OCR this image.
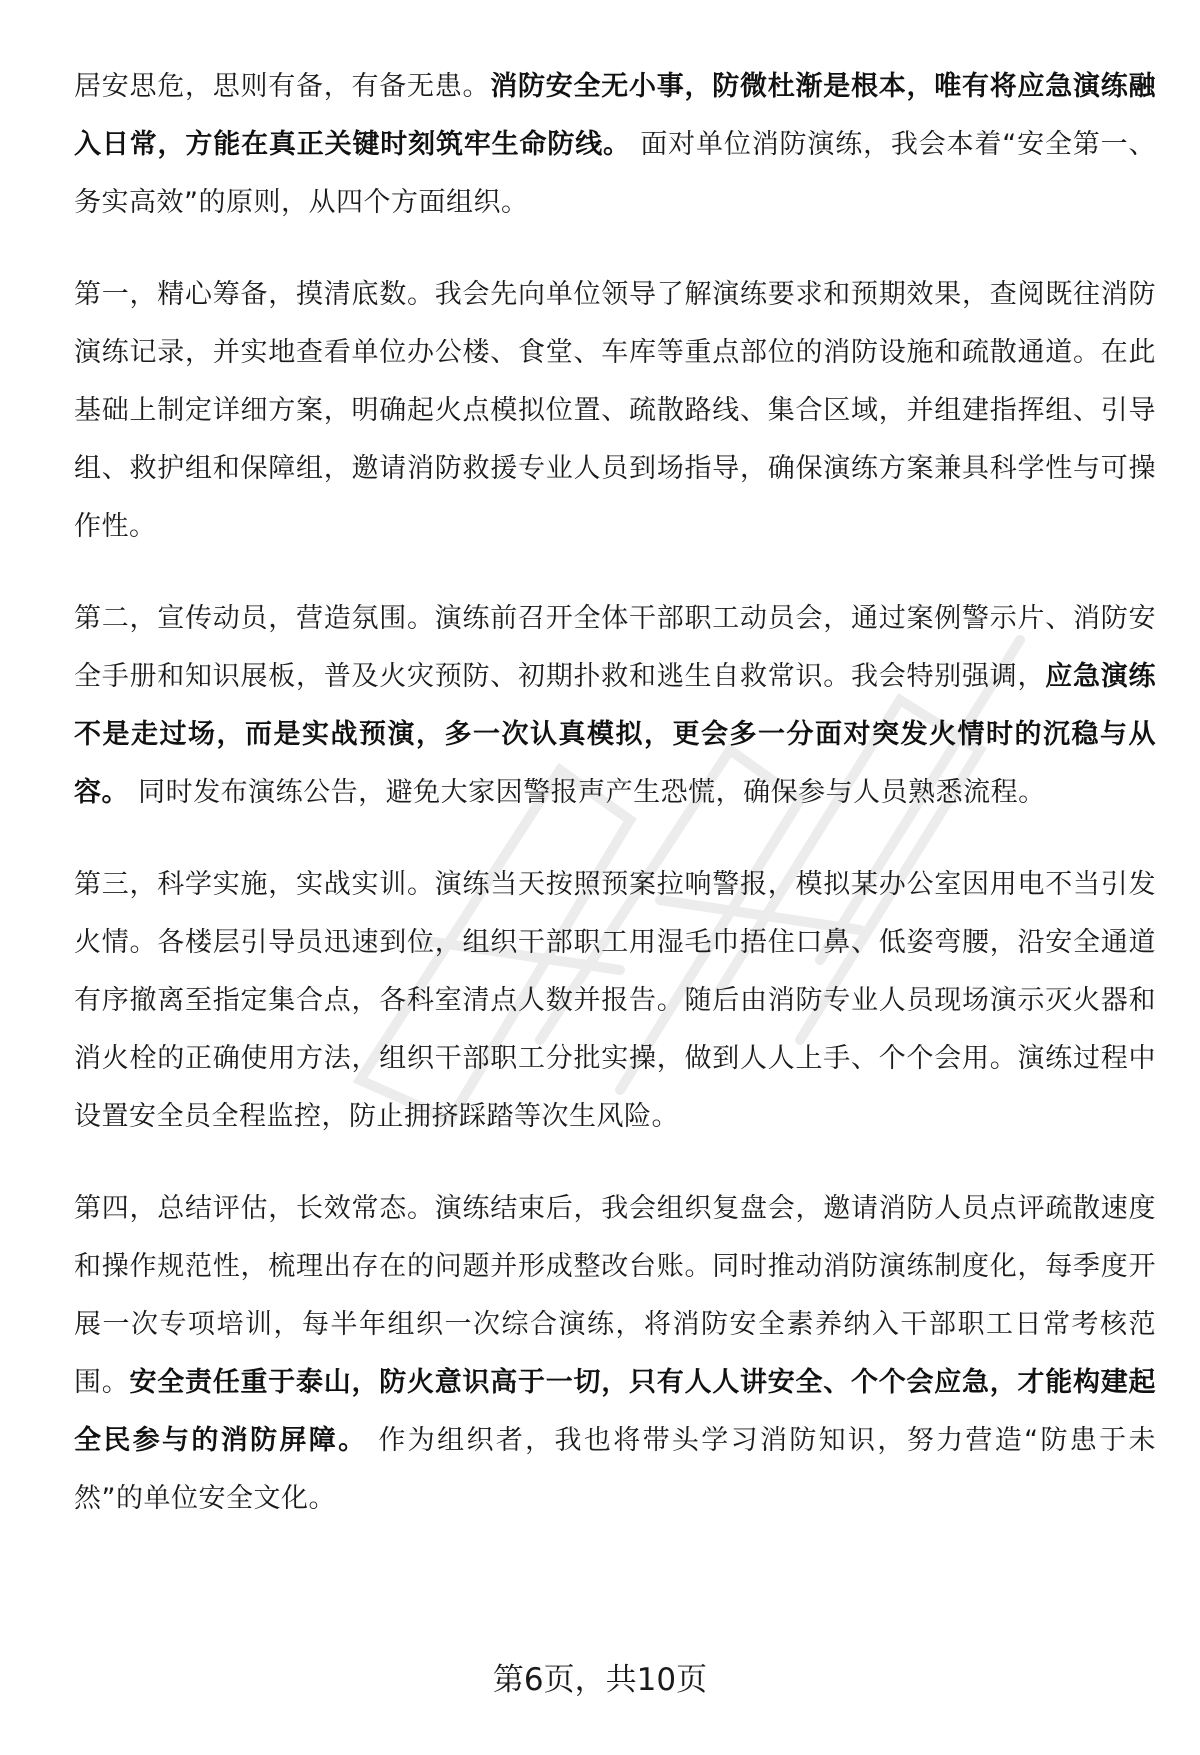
居安思危，思则有备，有备无患。消防安全无小事，防微杜渐是根本，唯有将应急演练融入日常，方能在真正关键时刻筑牢生命防线。 面对单位消防演练，我会本着“安全第一、务实高效”的原则，从四个方面组织。

第一，精心筹备，摸清底数。我会先向单位领导了解演练要求和预期效果，查阅既往消防演练记录，并实地查看单位办公楼、食堂、车库等重点部位的消防设施和疏散通道。在此基础上制定详细方案，明确起火点模拟位置、疏散路线、集合区域，并组建指挥组、引导组、救护组和保障组，邀请消防救援专业人员到场指导，确保演练方案兼具科学性与可操作性。

第二，宣传动员，营造氛围。演练前召开全体干部职工动员会，通过案例警示片、消防安全手册和知识展板，普及火灾预防、初期扑救和逃生自救常识。我会特别强调，应急演练不是走过场，而是实战预演，多一次认真模拟，更会多一分面对突发火情时的沉稳与从容。 同时发布演练公告，避免大家因警报声产生恐慌，确保参与人员熟悉流程。

第三，科学实施，实战实训。演练当天按照预案拉响警报，模拟某办公室因用电不当引发火情。各楼层引导员迅速到位，组织干部职工用湿毛巾捂住口鼻、低姿弯腰，沿安全通道有序撤离至指定集合点，各科室清点人数并报告。随后由消防专业人员现场演示灭火器和消火栓的正确使用方法，组织干部职工分批实操，做到人人上手、个个会用。演练过程中设置安全员全程监控，防止拥挤踩踏等次生风险。

第四，总结评估，长效常态。演练结束后，我会组织复盘会，邀请消防人员点评疏散速度和操作规范性，梳理出存在的问题并形成整改台账。同时推动消防演练制度化，每季度开展一次专项培训，每半年组织一次综合演练，将消防安全素养纳入干部职工日常考核范围。安全责任重于泰山，防火意识高于一切，只有人人讲安全、个个会应急，才能构建起全民参与的消防屏障。 作为组织者，我也将带头学习消防知识，努力营造“防患于未然”的单位安全文化。

第6页，共10页
